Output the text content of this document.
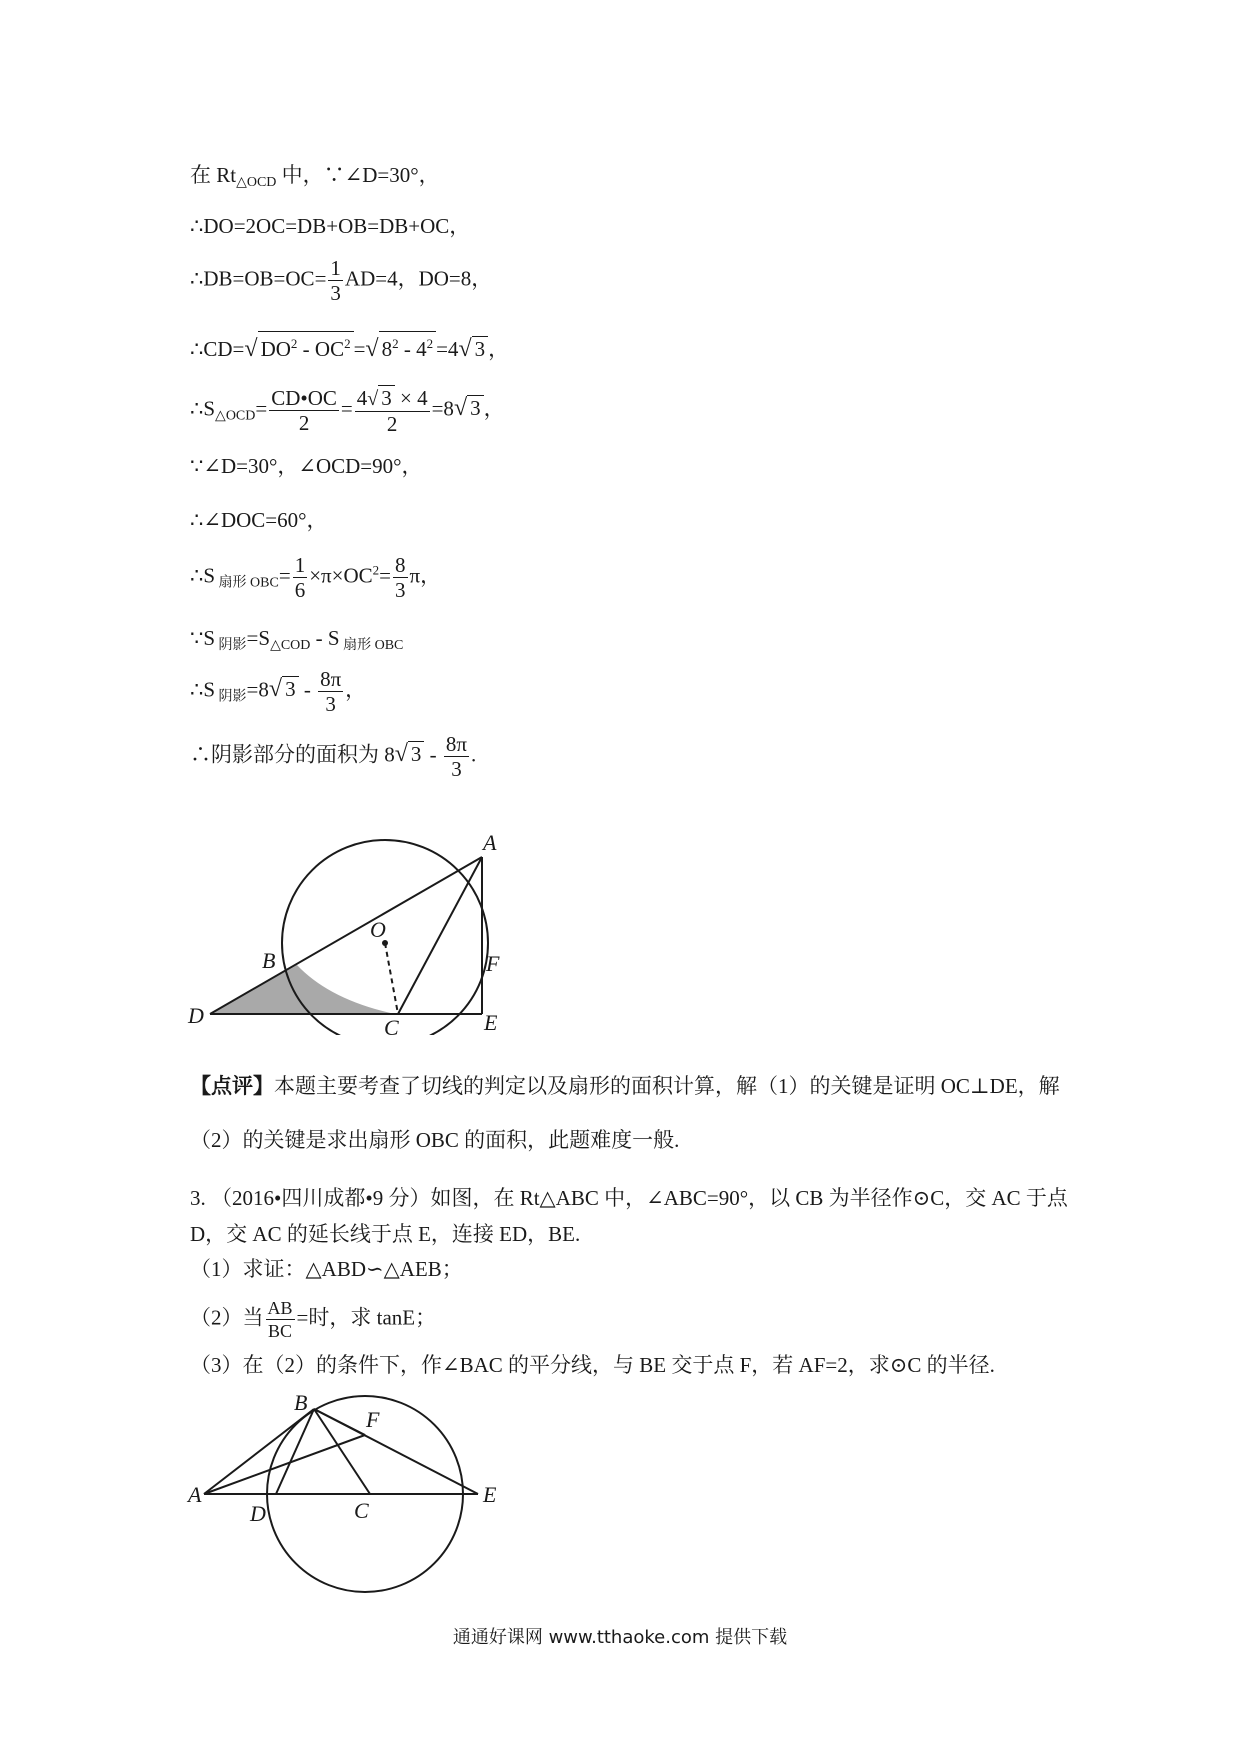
在 $Rt_{\triangle OCD}$ 中，∵∠D=30°，
∴DO=2OC=DB+OB=DB+OC，
∴DB=OB=OC= $\frac{1}{3} AD=4$，DO=8，
∴CD=√ $DO^2 - OC^2$ =√ $8^2 - 4^2 =4√$ 3 ，
$\therefore S_{\triangle OCD}= \frac{CD•OC}{2} = \frac{4√ 3 \times 4}{2} =8√$ 3 ，
∵∠D=30°，∠OCD=90°，
∴∠DOC=60°，
∴S $_{扇形 OBC}= \frac{1}{6} \times\pi\times OC^2= \frac{8}{3}$ π，
∵S $_{阴影}=S_{\triangle COD} - S$ $_{扇形 OBC}$
∴S $_{阴影}$=8√ $3 - \frac{8\pi}{3}$ ，
∴阴影部分的面积为 8√ $3 - \frac{8\pi}{3}$ .
A
O
B	F
D	C	E
【点评】本题主要考查了切线的判定以及扇形的面积计算，解（1）的关键是证明 OC⊥DE，解（2）的关键是求出扇形 OBC 的面积，此题难度一般.
3. （2016•四川成都•9 分）如图，在 Rt△ABC 中，∠ABC=90°，以 CB 为半径作⊙C，交 AC 于点 D，交 AC 的延长线于点 E，连接 ED，BE.
（1）求证：△ABD∽△AEB；
（2）当 $\frac{AB}{BC}$ =时，求 tanE；
（3）在（2）的条件下，作∠BAC 的平分线，与 BE 交于点 F，若 AF=2，求⊙C 的半径.
B
F
A
D	C
E
通通好课网 www.tthaoke.com 提供下载
